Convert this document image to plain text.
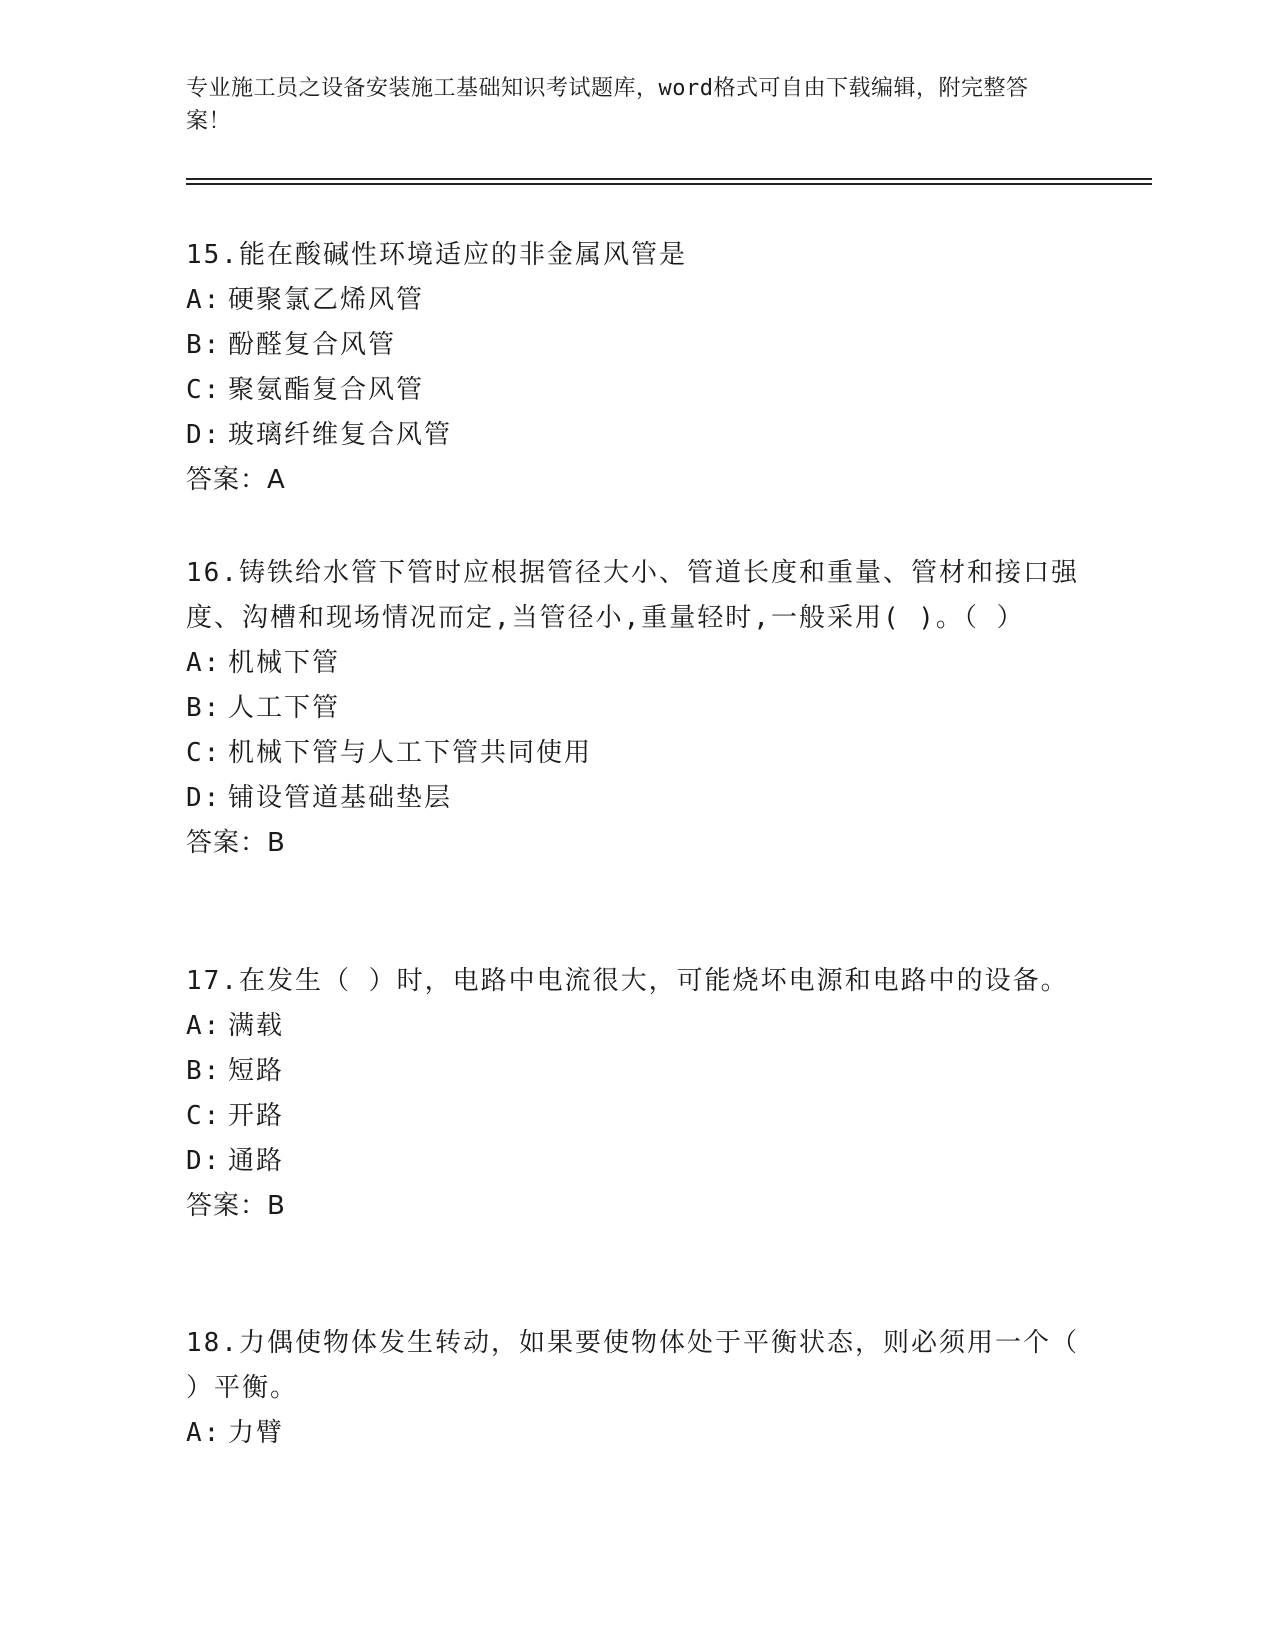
专业施工员之设备安装施工基础知识考试题库，word格式可自由下载编辑，附完整答案！
15.能在酸碱性环境适应的非金属风管是
A: 硬聚氯乙烯风管
B: 酚醛复合风管
C: 聚氨酯复合风管
D: 玻璃纤维复合风管
答案：A
16.铸铁给水管下管时应根据管径大小、管道长度和重量、管材和接口强度、沟槽和现场情况而定,当管径小,重量轻时,一般采用( )。（ ）
A: 机械下管
B: 人工下管
C: 机械下管与人工下管共同使用
D: 铺设管道基础垫层
答案：B
17.在发生（ ）时，电路中电流很大，可能烧坏电源和电路中的设备。
A: 满载
B: 短路
C: 开路
D: 通路
答案：B
18.力偶使物体发生转动，如果要使物体处于平衡状态，则必须用一个（ ）平衡。
A: 力臂
